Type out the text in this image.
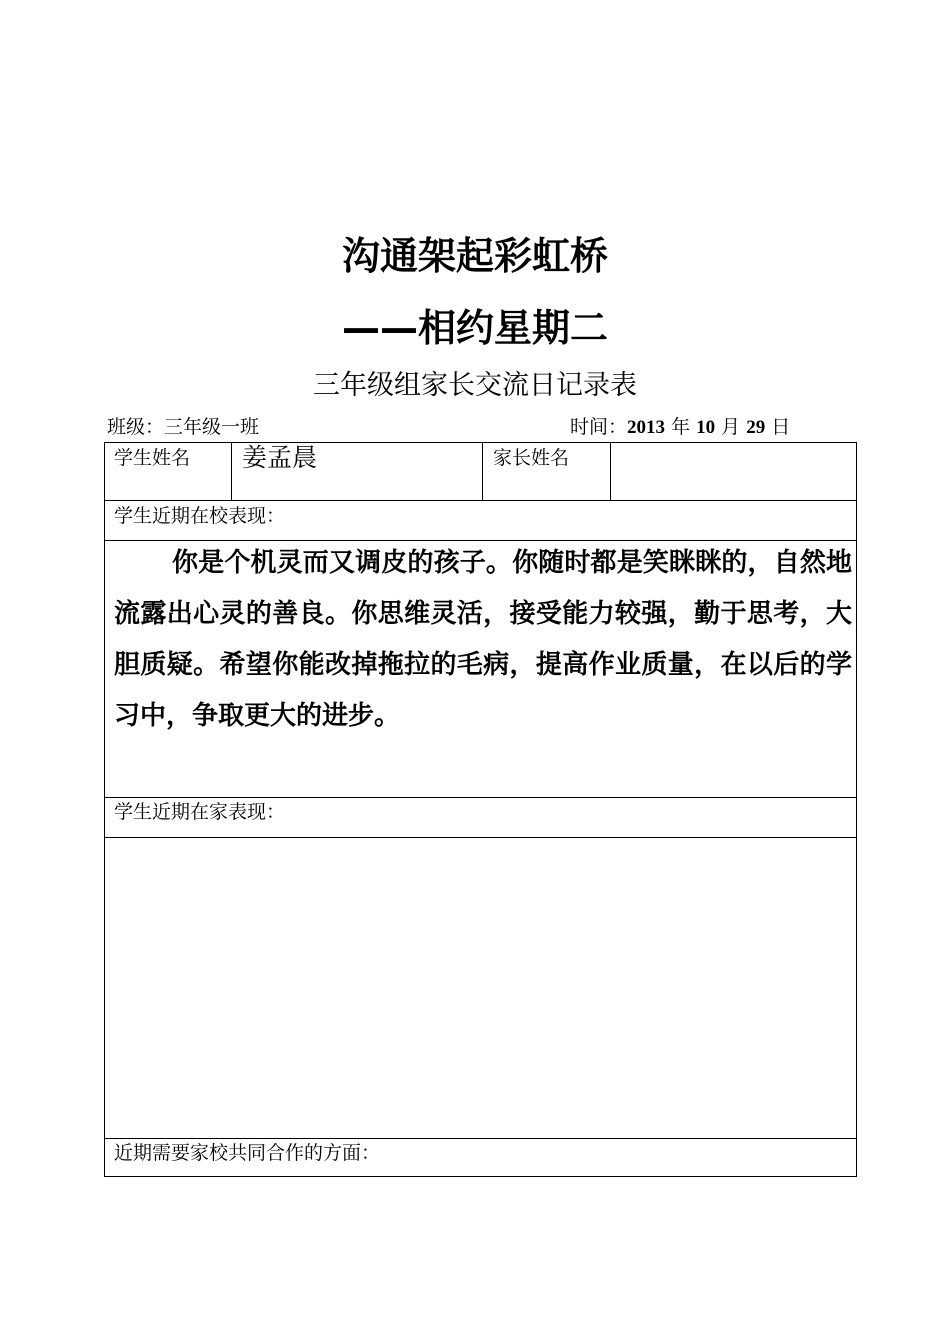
沟通架起彩虹桥
——相约星期二
三年级组家长交流日记录表
班级：三年级一班	时间：2013 年 10 月 29 日
学生姓名 姜孟晨	家长姓名
学生近期在校表现：
你是个机灵而又调皮的孩子。你随时都是笑眯眯的，自然地流露出心灵的善良。你思维灵活，接受能力较强，勤于思考，大胆质疑。希望你能改掉拖拉的毛病，提高作业质量，在以后的学习中，争取更大的进步。
学生近期在家表现：
近期需要家校共同合作的方面：
